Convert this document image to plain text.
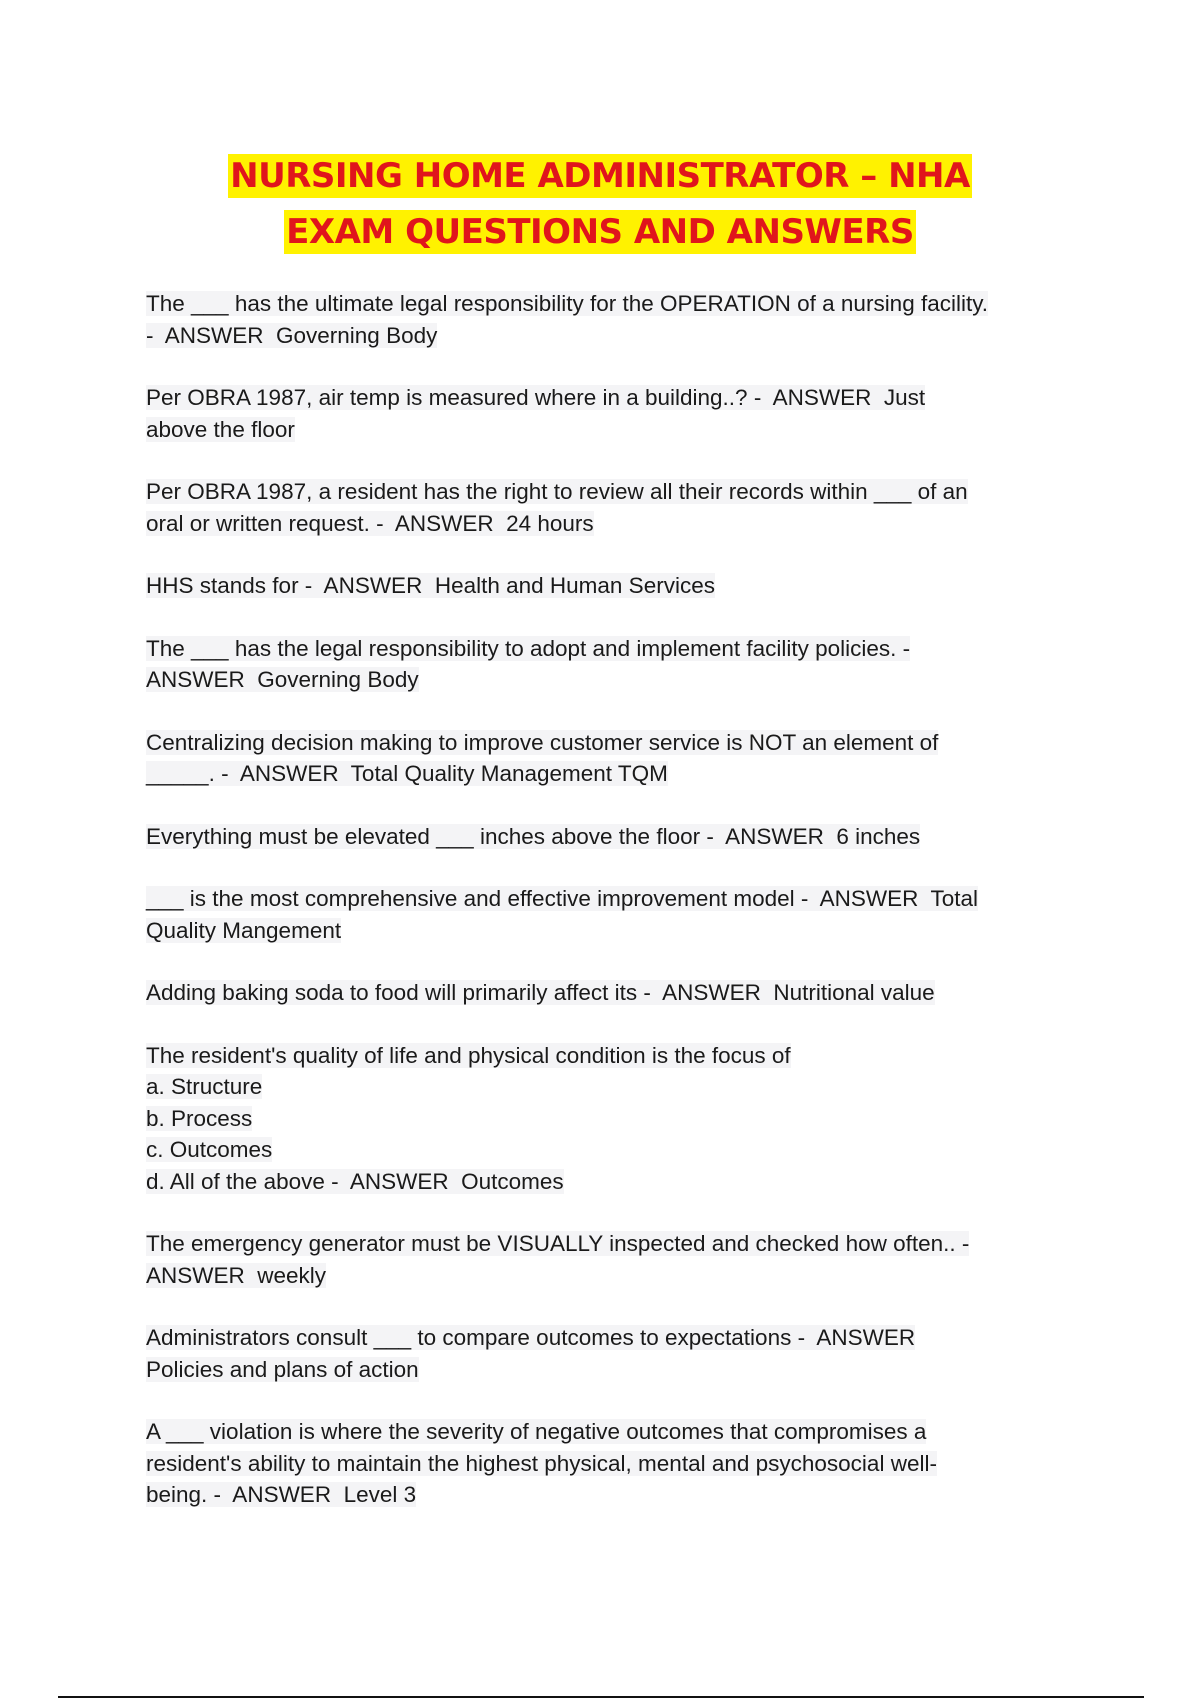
NURSING HOME ADMINISTRATOR – NHA
EXAM QUESTIONS AND ANSWERS

The ___ has the ultimate legal responsibility for the OPERATION of a nursing facility.
-  ANSWER  Governing Body

Per OBRA 1987, air temp is measured where in a building..? -  ANSWER  Just
above the floor

Per OBRA 1987, a resident has the right to review all their records within ___ of an
oral or written request. -  ANSWER  24 hours

HHS stands for -  ANSWER  Health and Human Services

The ___ has the legal responsibility to adopt and implement facility policies. -
ANSWER  Governing Body

Centralizing decision making to improve customer service is NOT an element of
_____. -  ANSWER  Total Quality Management TQM

Everything must be elevated ___ inches above the floor -  ANSWER  6 inches

___ is the most comprehensive and effective improvement model -  ANSWER  Total
Quality Mangement

Adding baking soda to food will primarily affect its -  ANSWER  Nutritional value

The resident's quality of life and physical condition is the focus of
a. Structure
b. Process
c. Outcomes
d. All of the above -  ANSWER  Outcomes

The emergency generator must be VISUALLY inspected and checked how often.. -
ANSWER  weekly

Administrators consult ___ to compare outcomes to expectations -  ANSWER
Policies and plans of action

A ___ violation is where the severity of negative outcomes that compromises a
resident's ability to maintain the highest physical, mental and psychosocial well-
being. -  ANSWER  Level 3
